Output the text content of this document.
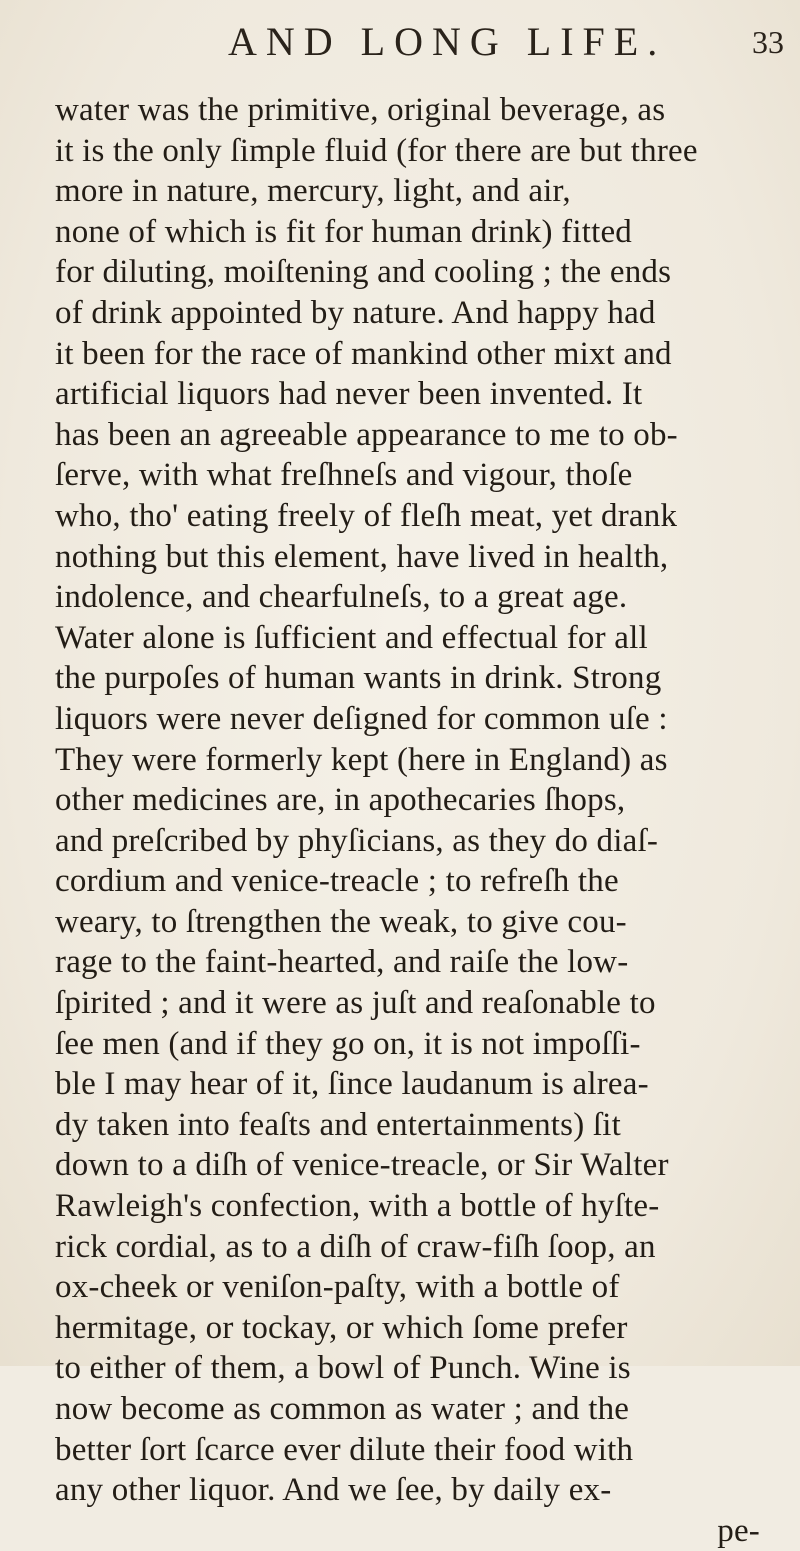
AND LONG LIFE.	33
water was the primitive, original beverage, as
it is the only ſimple fluid (for there are but three
more in nature, mercury, light, and air,
none of which is fit for human drink) fitted
for diluting, moiſtening and cooling ; the ends
of drink appointed by nature. And happy had
it been for the race of mankind other mixt and
artificial liquors had never been invented. It
has been an agreeable appearance to me to ob-
ſerve, with what freſhneſs and vigour, thoſe
who, tho' eating freely of fleſh meat, yet drank
nothing but this element, have lived in health,
indolence, and chearfulneſs, to a great age.
Water alone is ſufficient and effectual for all
the purpoſes of human wants in drink. Strong
liquors were never deſigned for common uſe :
They were formerly kept (here in England) as
other medicines are, in apothecaries ſhops,
and preſcribed by phyſicians, as they do diaſ-
cordium and venice-treacle ; to refreſh the
weary, to ſtrengthen the weak, to give cou-
rage to the faint-hearted, and raiſe the low-
ſpirited ; and it were as juſt and reaſonable to
ſee men (and if they go on, it is not impoſſi-
ble I may hear of it, ſince laudanum is alrea-
dy taken into feaſts and entertainments) ſit
down to a diſh of venice-treacle, or Sir Walter
Rawleigh's confection, with a bottle of hyſte-
rick cordial, as to a diſh of craw-fiſh ſoop, an
ox-cheek or veniſon-paſty, with a bottle of
hermitage, or tockay, or which ſome prefer
to either of them, a bowl of Punch. Wine is
now become as common as water ; and the
better ſort ſcarce ever dilute their food with
any other liquor. And we ſee, by daily ex-
pe-
